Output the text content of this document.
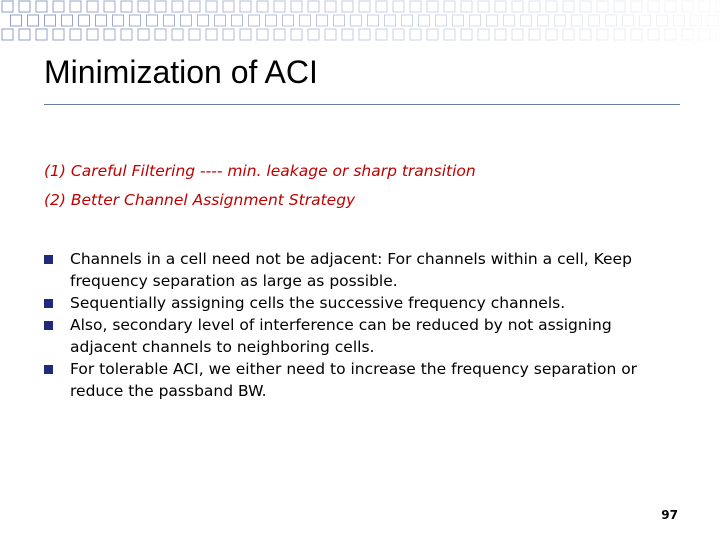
Minimization of ACI
(1) Careful Filtering ---- min. leakage or sharp transition
(2) Better Channel Assignment Strategy
Channels in a cell need not be adjacent: For channels within a cell, Keep frequency separation as large as possible.
Sequentially assigning cells the successive frequency channels.
Also, secondary level of interference can be reduced by not assigning adjacent channels to neighboring cells.
For tolerable ACI, we either need to increase the frequency separation or reduce the passband BW.
97
